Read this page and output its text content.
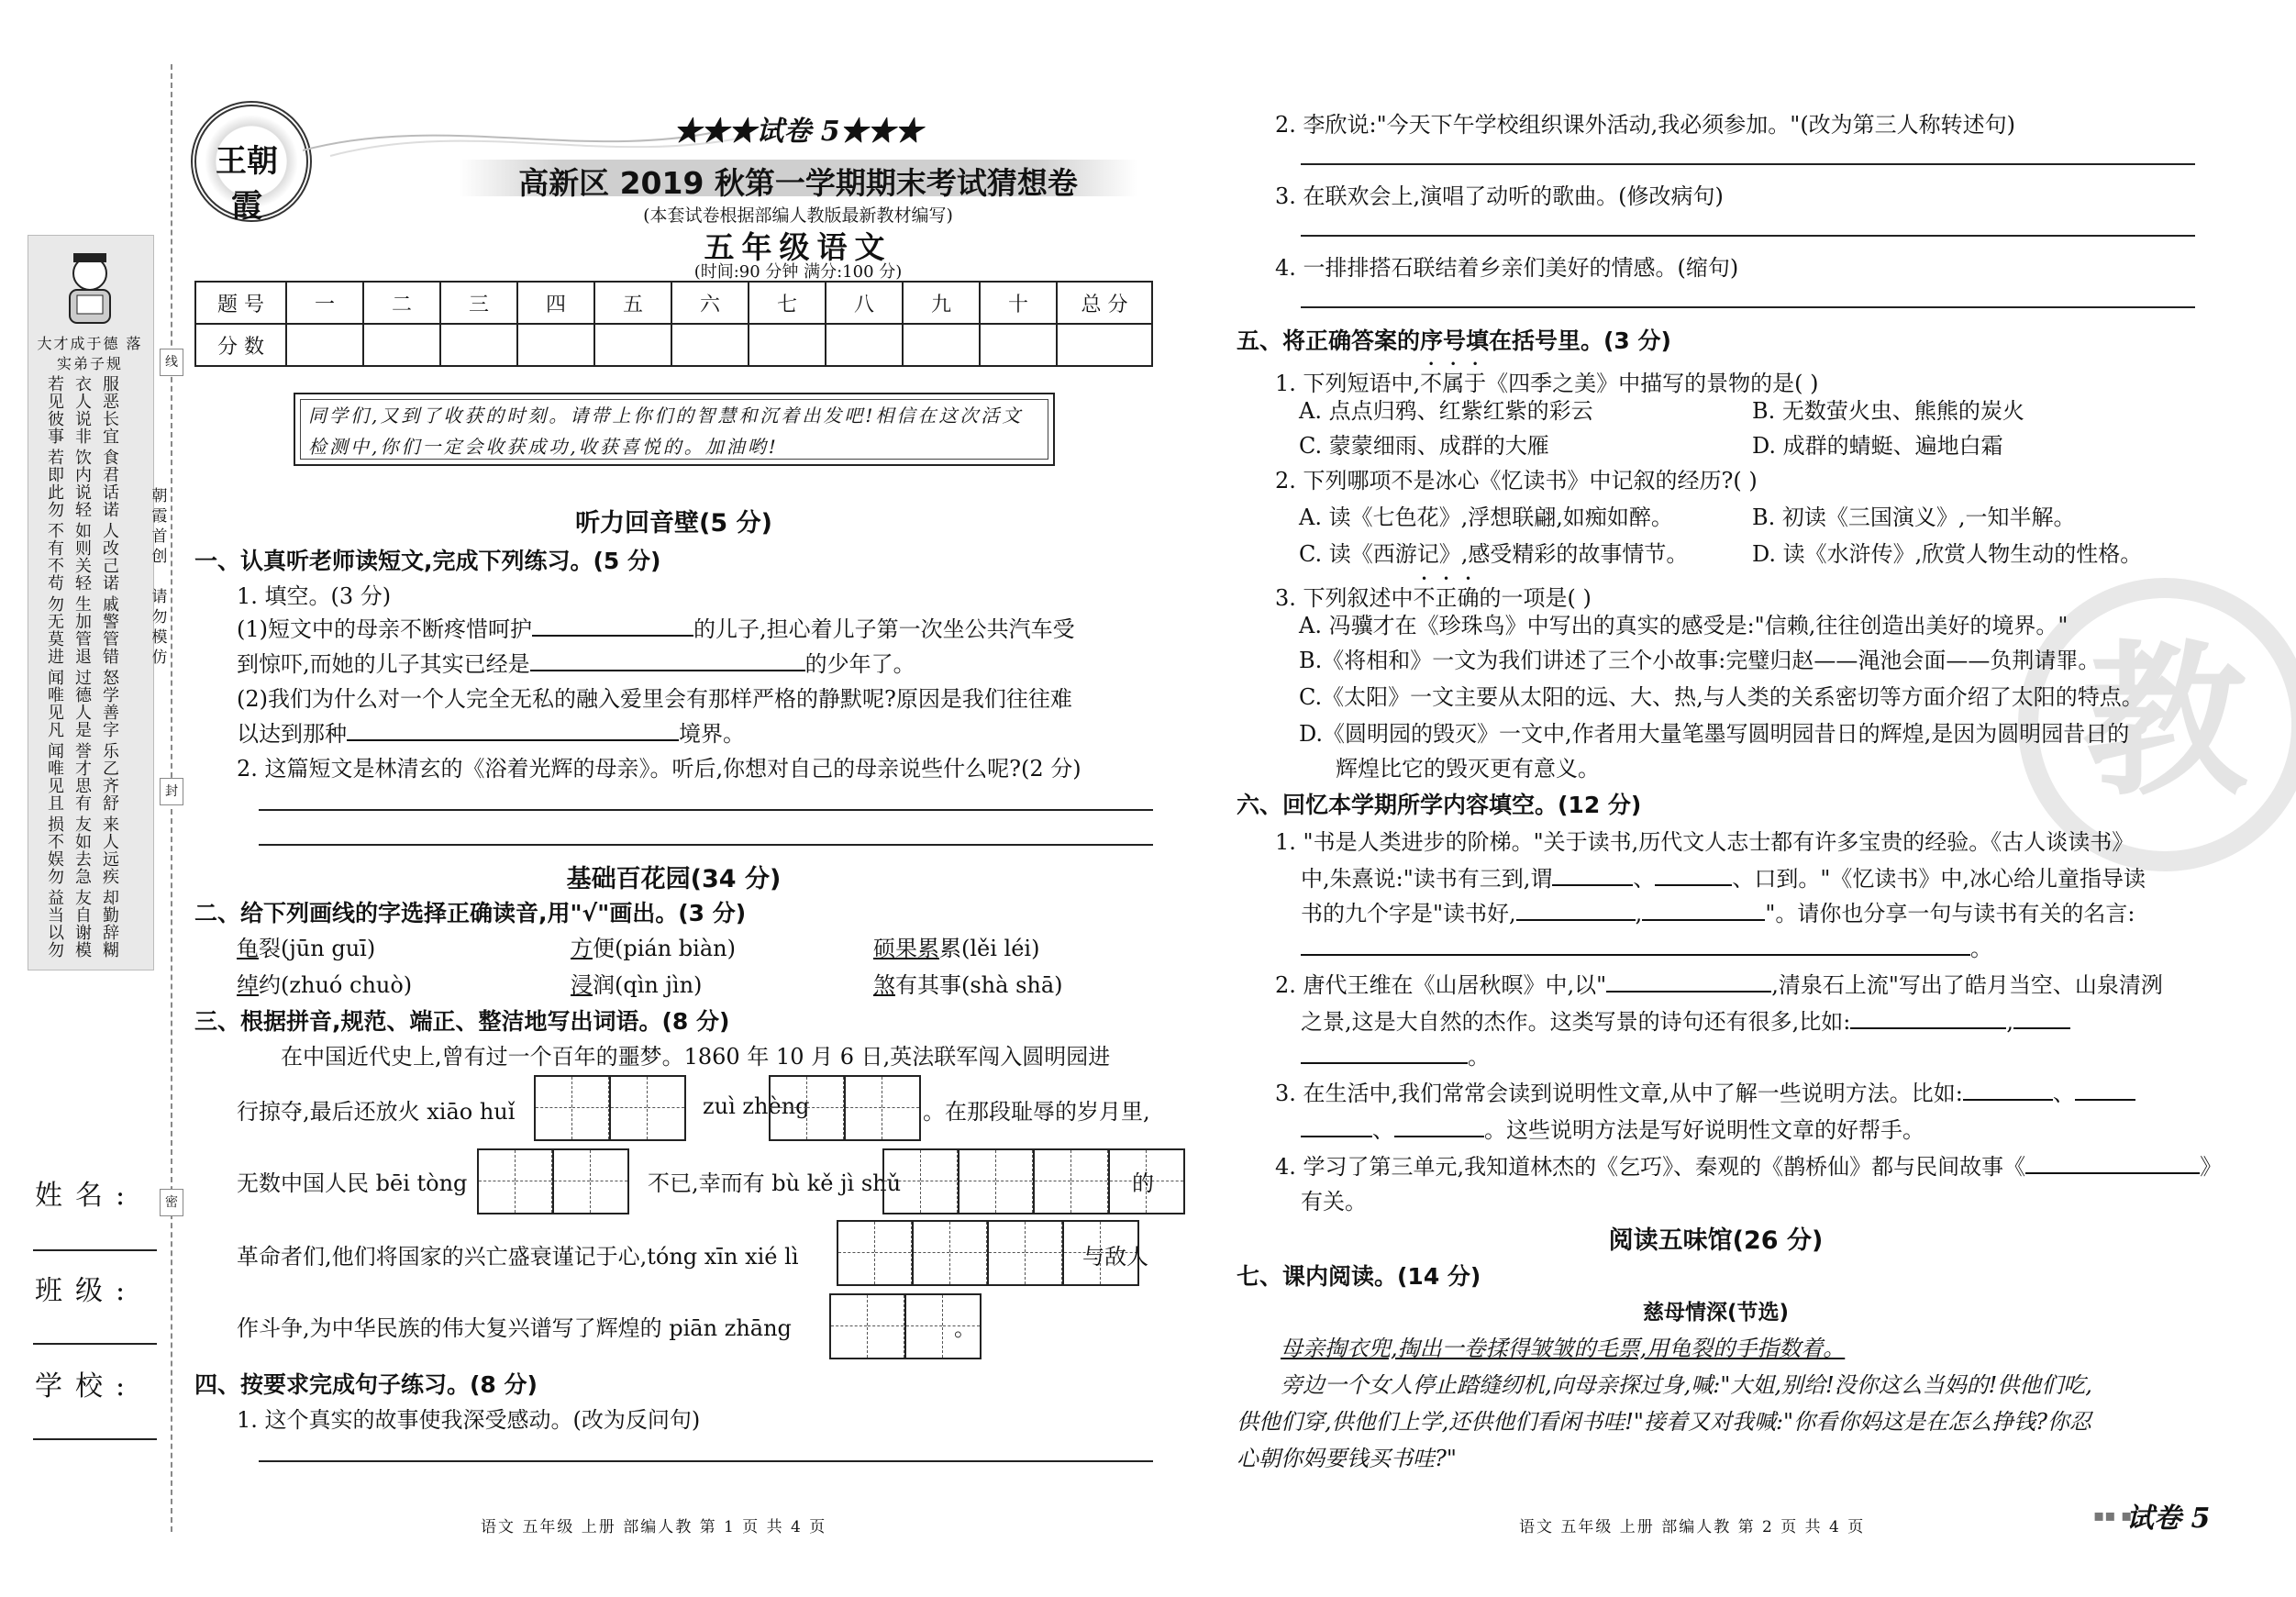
大才成于德 落实弟子规
若见彼事
衣人说非
服恶长宜
若即此勿
饮内说轻
食君话诺
不有不苟
如则关轻
人改己诺
勿无莫进
生加管退
戚警管错
闻唯见凡
过德人是
怒学善字
闻唯见且
誉才思有
乐乙齐舒
损不娱勿
友如去急
来人远疾
益当以勿
友自谢模
却勤辞糊
线
封
密
朝霞首创
请勿模仿
姓名:
班级:
学校:
王朝霞
★★★试卷 5★★★
高新区 2019 秋第一学期期末考试猜想卷
(本套试卷根据部编人教版最新教材编写)
五年级语文
(时间:90 分钟 满分:100 分)
题 号	一	二	三	四	五	六	七	八	九	十	总 分
分 数											
同学们,又到了收获的时刻。请带上你们的智慧和沉着出发吧!相信在这次活文检测中,你们一定会收获成功,收获喜悦的。加油哟!
听力回音壁(5 分)
一、认真听老师读短文,完成下列练习。(5 分)
1. 填空。(3 分)
(1)短文中的母亲不断疼惜呵护	的儿子,担心着儿子第一次坐公共汽车受
到惊吓,而她的儿子其实已经是	的少年了。
(2)我们为什么对一个人完全无私的融入爱里会有那样严格的静默呢?原因是我们往往难
以达到那种	境界。
2. 这篇短文是林清玄的《浴着光辉的母亲》。听后,你想对自己的母亲说些什么呢?(2 分)
基础百花园(34 分)
二、给下列画线的字选择正确读音,用"√"画出。(3 分)
龟裂(jūn guī)	方便(pián biàn)	硕果累累(lěi léi)
绰约(zhuó chuò)	浸润(qìn jìn)	煞有其事(shà shā)
三、根据拼音,规范、端正、整洁地写出词语。(8 分)
在中国近代史上,曾有过一个百年的噩梦。1860 年 10 月 6 日,英法联军闯入圆明园进
行掠夺,最后还放火 xiāo huǐ	zuì zhèng	。在那段耻辱的岁月里,
无数中国人民 bēi tòng	不已,幸而有 bù kě jì shǔ	的
革命者们,他们将国家的兴亡盛衰谨记于心,tóng xīn xié lì	与敌人
作斗争,为中华民族的伟大复兴谱写了辉煌的 piān zhāng	。
四、按要求完成句子练习。(8 分)
1. 这个真实的故事使我深受感动。(改为反问句)
语文 五年级 上册 部编人教 第 1 页 共 4 页
教
2. 李欣说:"今天下午学校组织课外活动,我必须参加。"(改为第三人称转述句)
3. 在联欢会上,演唱了动听的歌曲。(修改病句)
4. 一排排搭石联结着乡亲们美好的情感。(缩句)
五、将正确答案的序号填在括号里。(3 分)
1. 下列短语中,不属于《四季之美》中描写的景物的是( )
A. 点点归鸦、红紫红紫的彩云	B. 无数萤火虫、熊熊的炭火
C. 蒙蒙细雨、成群的大雁	D. 成群的蜻蜓、遍地白霜
2. 下列哪项不是冰心《忆读书》中记叙的经历?( )
A. 读《七色花》,浮想联翩,如痴如醉。	B. 初读《三国演义》,一知半解。
C. 读《西游记》,感受精彩的故事情节。	D. 读《水浒传》,欣赏人物生动的性格。
3. 下列叙述中不正确的一项是( )
A. 冯骥才在《珍珠鸟》中写出的真实的感受是:"信赖,往往创造出美好的境界。"
B.《将相和》一文为我们讲述了三个小故事:完璧归赵——渑池会面——负荆请罪。
C.《太阳》一文主要从太阳的远、大、热,与人类的关系密切等方面介绍了太阳的特点。
D.《圆明园的毁灭》一文中,作者用大量笔墨写圆明园昔日的辉煌,是因为圆明园昔日的
辉煌比它的毁灭更有意义。
六、回忆本学期所学内容填空。(12 分)
1. "书是人类进步的阶梯。"关于读书,历代文人志士都有许多宝贵的经验。《古人谈读书》
中,朱熹说:"读书有三到,谓	、	、口到。"《忆读书》中,冰心给儿童指导读
书的九个字是"读书好,	,	"。请你也分享一句与读书有关的名言:
。
2. 唐代王维在《山居秋暝》中,以"	,清泉石上流"写出了皓月当空、山泉清洌
之景,这是大自然的杰作。这类写景的诗句还有很多,比如:	,
。
3. 在生活中,我们常常会读到说明性文章,从中了解一些说明方法。比如:	、
、	。这些说明方法是写好说明性文章的好帮手。
4. 学习了第三单元,我知道林杰的《乞巧》、秦观的《鹊桥仙》都与民间故事《	》
有关。
阅读五味馆(26 分)
七、课内阅读。(14 分)
慈母情深(节选)
母亲掏衣兜,掏出一卷揉得皱皱的毛票,用龟裂的手指数着。
旁边一个女人停止踏缝纫机,向母亲探过身,喊:"大姐,别给!没你这么当妈的!供他们吃,
供他们穿,供他们上学,还供他们看闲书哇!"接着又对我喊:"你看你妈这是在怎么挣钱?你忍
心朝你妈要钱买书哇?"
语文 五年级 上册 部编人教 第 2 页 共 4 页
▪▪ ▪
试卷 5
